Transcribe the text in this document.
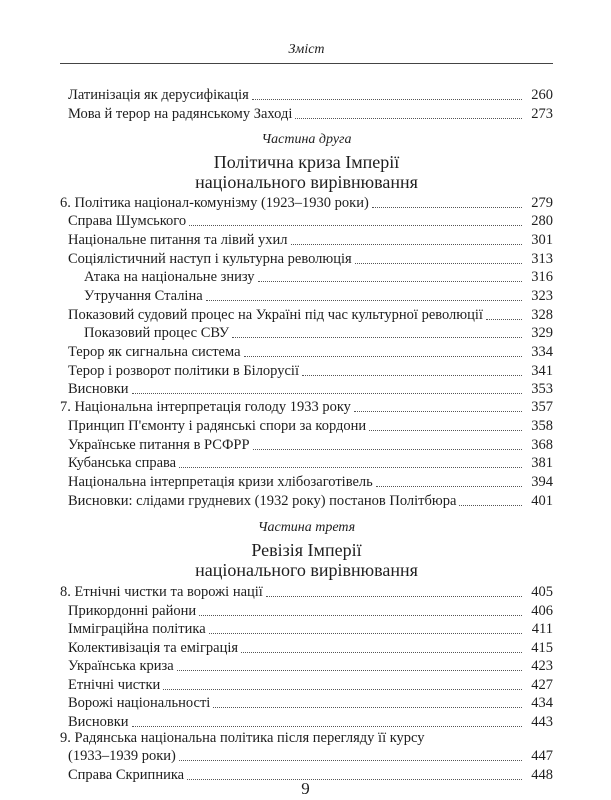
Зміст
Латинізація як дерусифікація	260
Мова й терор на радянському Заході	273
Частина друга
Політична криза Імперії
національного вирівнювання
6. Політика націонал-комунізму (1923–1930 роки)	279
Справа Шумського	280
Національне питання та лівий ухил	301
Соціялістичний наступ і культурна революція	313
Атака на національне знизу	316
Утручання Сталіна	323
Показовий судовий процес на Україні під час культурної революції	328
Показовий процес СВУ	329
Терор як сигнальна система	334
Терор і розворот політики в Білорусії	341
Висновки	353
7. Національна інтерпретація голоду 1933 року	357
Принцип П'ємонту і радянські спори за кордони	358
Українське питання в РСФРР	368
Кубанська справа	381
Національна інтерпретація кризи хлібозаготівель	394
Висновки: слідами грудневих (1932 року) постанов Політбюра	401
Частина третя
Ревізія Імперії
національного вирівнювання
8. Етнічні чистки та ворожі нації	405
Прикордонні райони	406
Імміграційна політика	411
Колективізація та еміграція	415
Українська криза	423
Етнічні чистки	427
Ворожі національності	434
Висновки	443
9. Радянська національна політика після перегляду її курсу
(1933–1939 роки)	447
Справа Скрипника	448
9
